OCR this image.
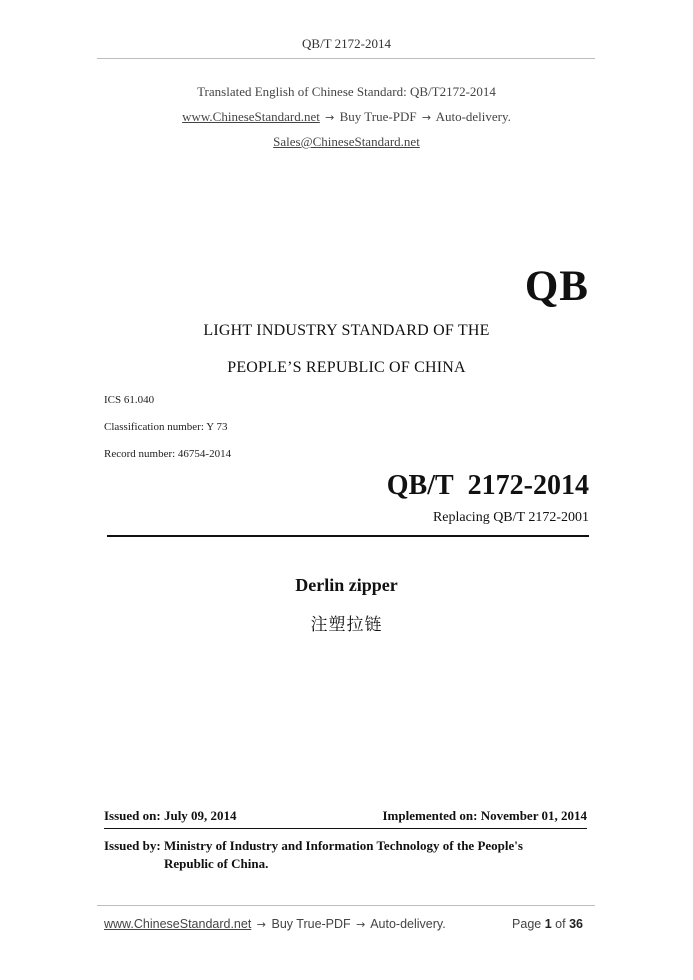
QB/T 2172-2014
Translated English of Chinese Standard: QB/T2172-2014
www.ChineseStandard.net → Buy True-PDF → Auto-delivery.
Sales@ChineseStandard.net
QB
LIGHT INDUSTRY STANDARD OF THE
PEOPLE’S REPUBLIC OF CHINA
ICS 61.040
Classification number: Y 73
Record number: 46754-2014
QB/T 2172-2014
Replacing QB/T 2172-2001
Derlin zipper
注塑拉链
Issued on: July 09, 2014	Implemented on: November 01, 2014
Issued by: Ministry of Industry and Information Technology of the People's Republic of China.
www.ChineseStandard.net → Buy True-PDF → Auto-delivery.	Page 1 of 36
